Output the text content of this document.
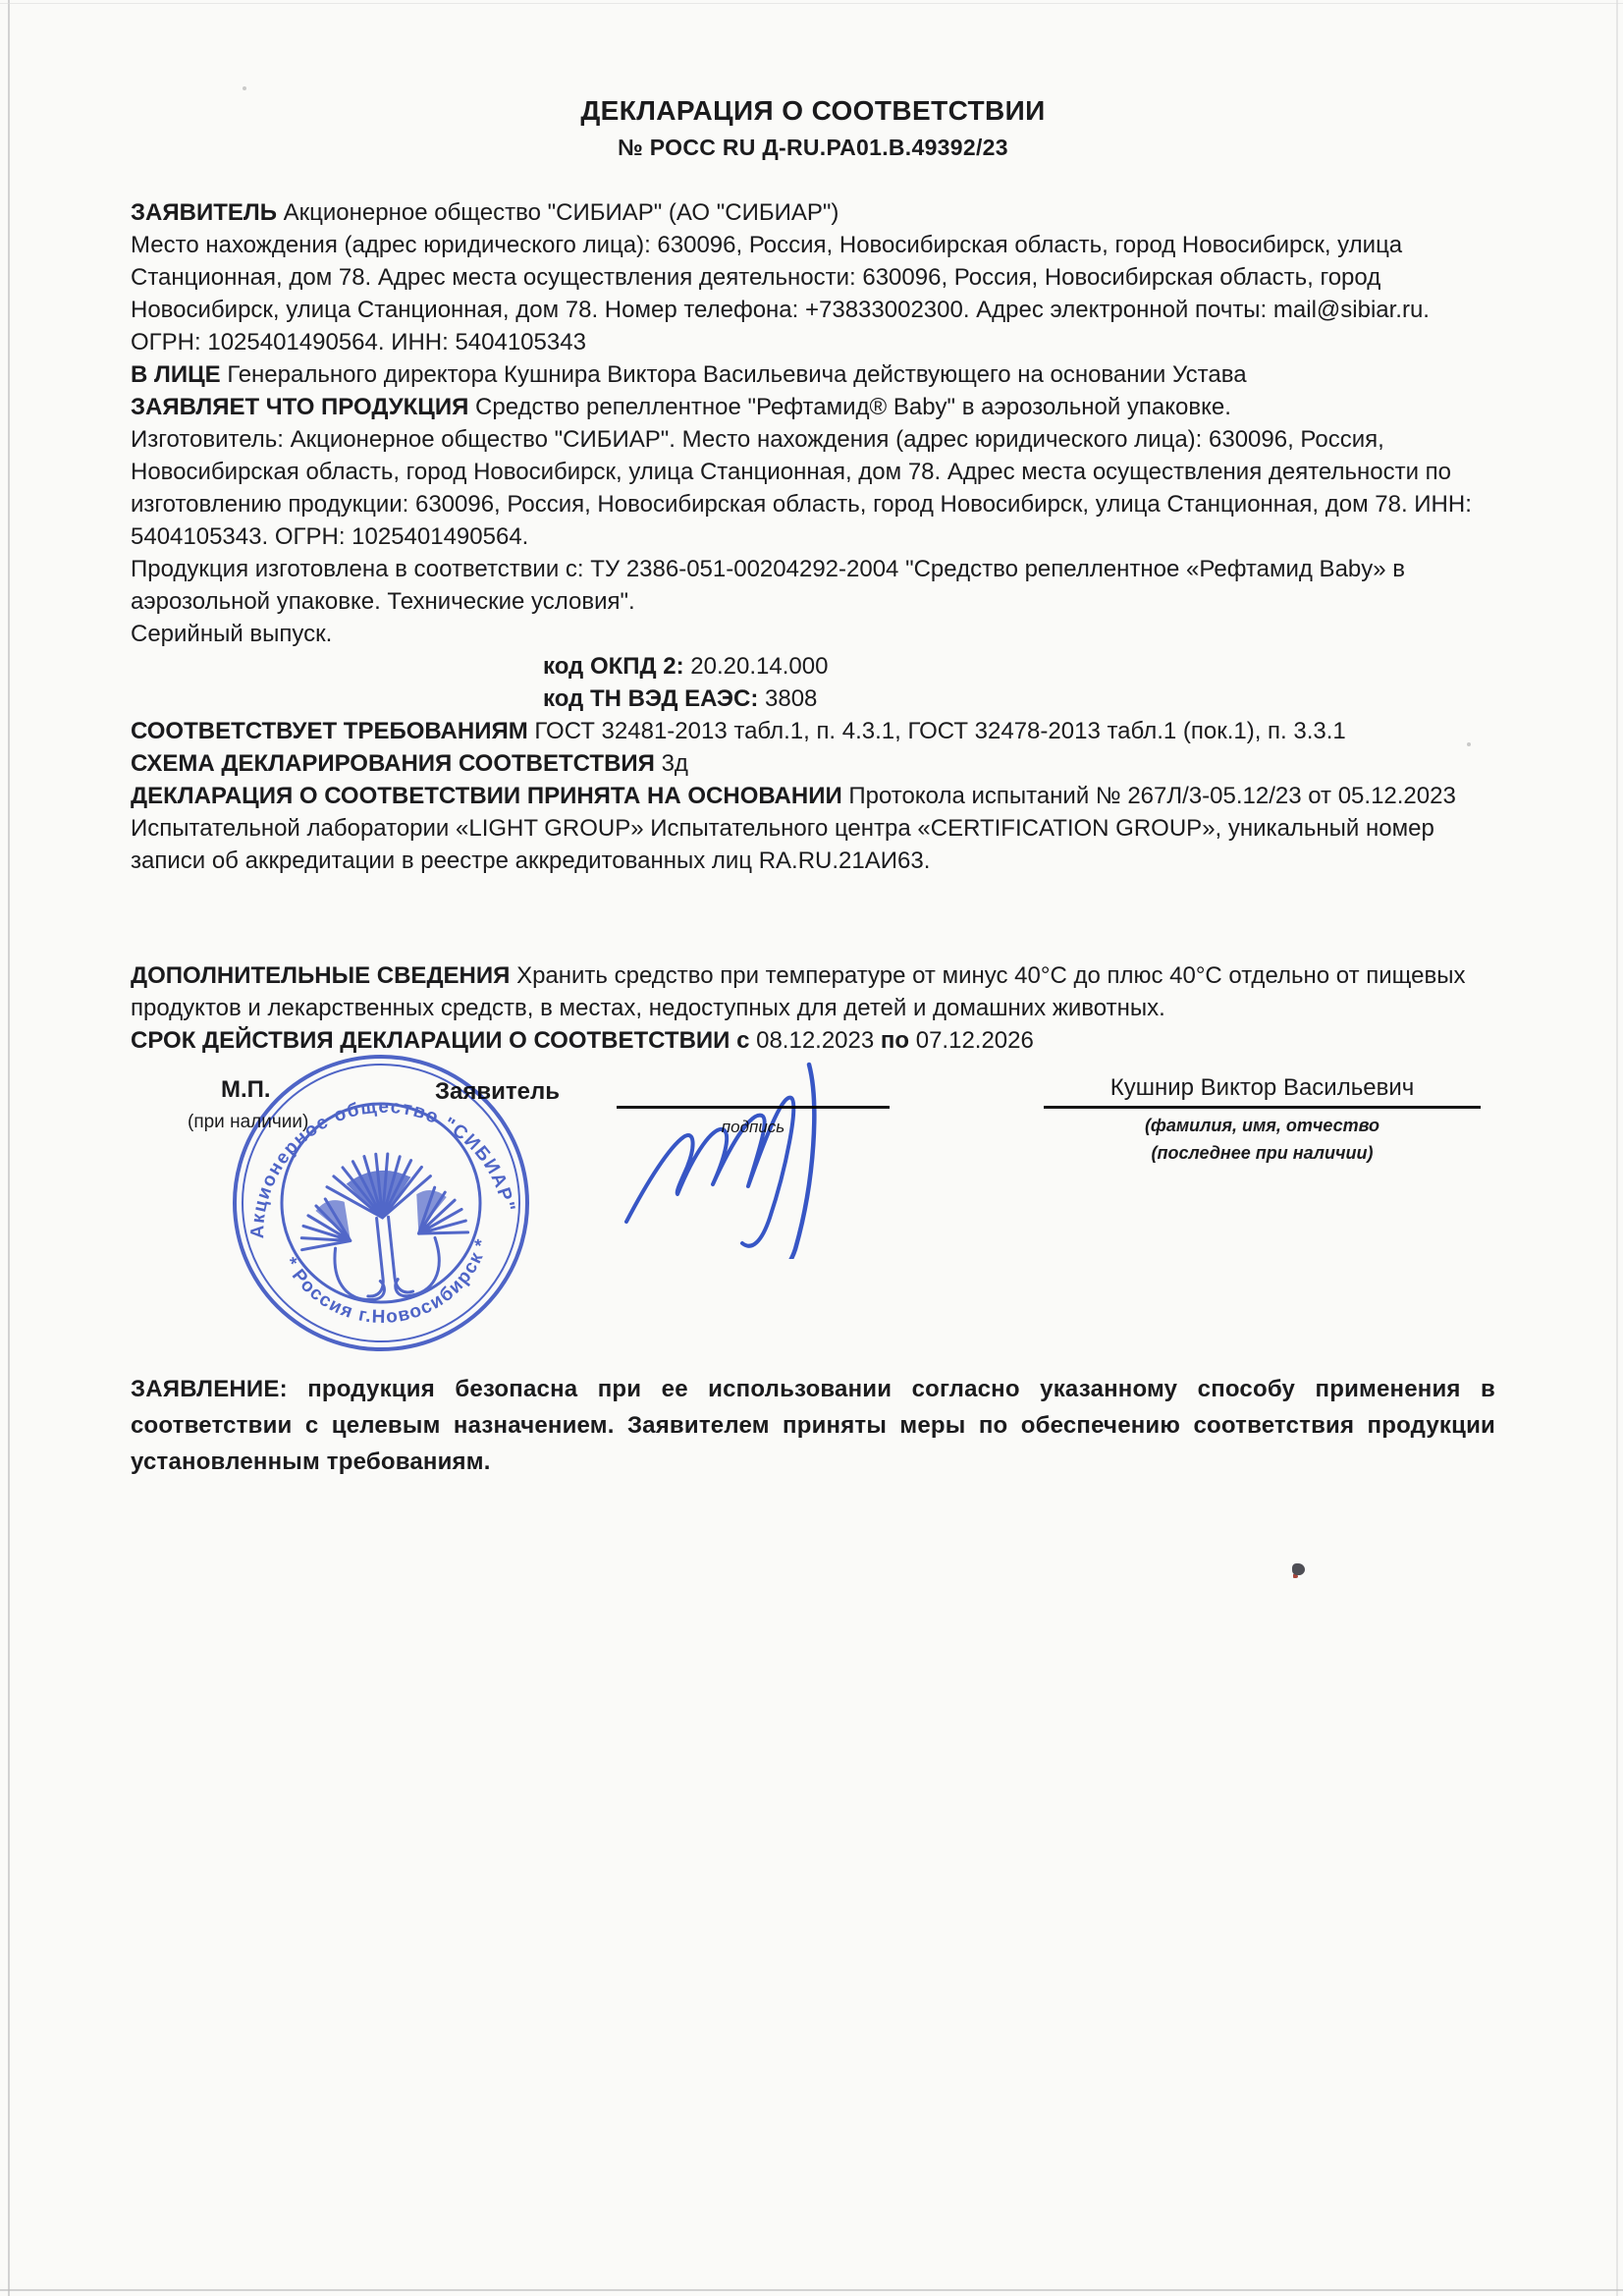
ДЕКЛАРАЦИЯ О СООТВЕТСТВИИ
№ РОСС RU Д-RU.РА01.В.49392/23

ЗАЯВИТЕЛЬ Акционерное общество "СИБИАР" (АО "СИБИАР")

Место нахождения (адрес юридического лица): 630096, Россия, Новосибирская область, город Новосибирск, улица Станционная, дом 78. Адрес места осуществления деятельности: 630096, Россия, Новосибирская область, город Новосибирск, улица Станционная, дом 78. Номер телефона: +73833002300. Адрес электронной почты: mail@sibiar.ru. ОГРН: 1025401490564. ИНН: 5404105343

В ЛИЦЕ Генерального директора Кушнира Виктора Васильевича действующего на основании Устава

ЗАЯВЛЯЕТ ЧТО ПРОДУКЦИЯ Средство репеллентное "Рефтамид® Baby" в аэрозольной упаковке.

Изготовитель: Акционерное общество "СИБИАР". Место нахождения (адрес юридического лица): 630096, Россия, Новосибирская область, город Новосибирск, улица Станционная, дом 78. Адрес места осуществления деятельности по изготовлению продукции: 630096, Россия, Новосибирская область, город Новосибирск, улица Станционная, дом 78. ИНН: 5404105343. ОГРН: 1025401490564.

Продукция изготовлена в соответствии с: ТУ 2386-051-00204292-2004 "Средство репеллентное «Рефтамид Baby» в аэрозольной упаковке. Технические условия".

Серийный выпуск.

код ОКПД 2: 20.20.14.000

код ТН ВЭД ЕАЭС: 3808

СООТВЕТСТВУЕТ ТРЕБОВАНИЯМ ГОСТ 32481-2013 табл.1, п. 4.3.1, ГОСТ 32478-2013 табл.1 (пок.1), п. 3.3.1

СХЕМА ДЕКЛАРИРОВАНИЯ СООТВЕТСТВИЯ 3д

ДЕКЛАРАЦИЯ О СООТВЕТСТВИИ ПРИНЯТА НА ОСНОВАНИИ Протокола испытаний № 267Л/3-05.12/23 от 05.12.2023 Испытательной лаборатории «LIGHT GROUP» Испытательного центра «CERTIFICATION GROUP», уникальный номер записи об аккредитации в реестре аккредитованных лиц RA.RU.21АИ63.

ДОПОЛНИТЕЛЬНЫЕ СВЕДЕНИЯ Хранить средство при температуре от минус 40°С до плюс 40°С отдельно от пищевых продуктов и лекарственных средств, в местах, недоступных для детей и домашних животных.

СРОК ДЕЙСТВИЯ ДЕКЛАРАЦИИ О СООТВЕТСТВИИ с 08.12.2023 по 07.12.2026

М.П.
(при наличии)
Заявитель
подпись
Кушнир Виктор Васильевич
(фамилия, имя, отчество
(последнее при наличии)

ЗАЯВЛЕНИЕ: продукция безопасна при ее использовании согласно указанному способу применения в соответствии с целевым назначением. Заявителем приняты меры по обеспечению соответствия продукции установленным требованиям.

Акционерное общество "СИБИАР"
* Россия г.Новосибирск *
